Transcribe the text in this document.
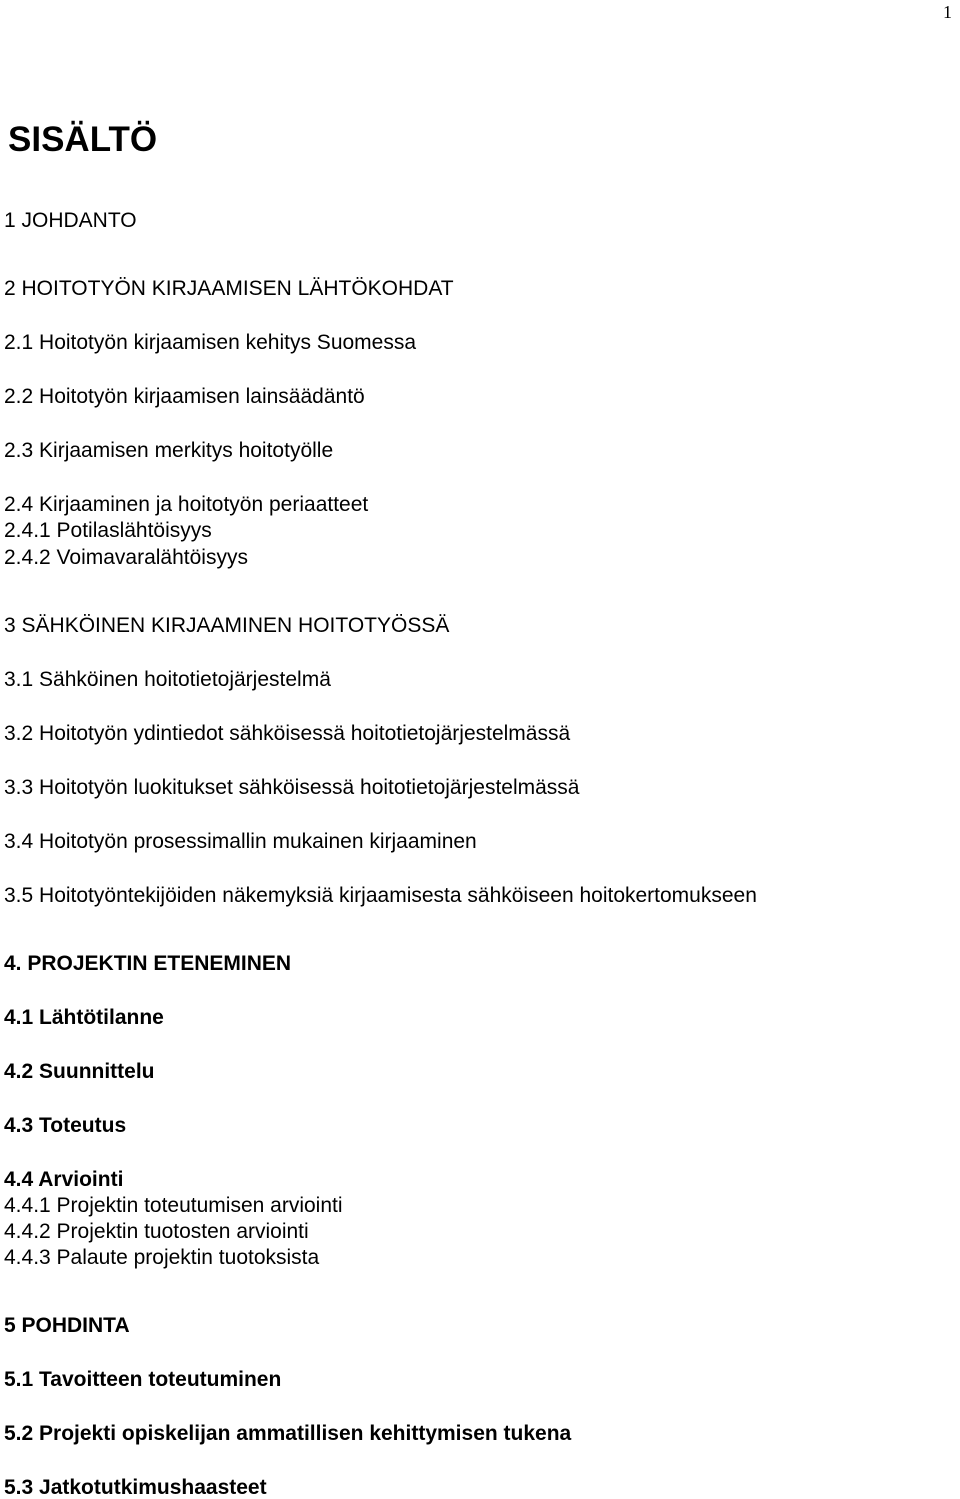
1
SISÄLTÖ
1 JOHDANTO
2 HOITOTYÖN KIRJAAMISEN LÄHTÖKOHDAT
2.1 Hoitotyön kirjaamisen kehitys Suomessa
2.2 Hoitotyön kirjaamisen lainsäädäntö
2.3 Kirjaamisen merkitys hoitotyölle
2.4 Kirjaaminen ja hoitotyön periaatteet
2.4.1 Potilaslähtöisyys
2.4.2 Voimavaralähtöisyys
3 SÄHKÖINEN KIRJAAMINEN HOITOTYÖSSÄ
3.1 Sähköinen hoitotietojärjestelmä
3.2 Hoitotyön ydintiedot sähköisessä hoitotietojärjestelmässä
3.3 Hoitotyön luokitukset sähköisessä hoitotietojärjestelmässä
3.4 Hoitotyön prosessimallin mukainen kirjaaminen
3.5 Hoitotyöntekijöiden näkemyksiä kirjaamisesta sähköiseen hoitokertomukseen
4. PROJEKTIN ETENEMINEN
4.1 Lähtötilanne
4.2 Suunnittelu
4.3 Toteutus
4.4 Arviointi
4.4.1 Projektin toteutumisen arviointi
4.4.2 Projektin tuotosten arviointi
4.4.3 Palaute projektin tuotoksista
5 POHDINTA
5.1 Tavoitteen toteutuminen
5.2 Projekti opiskelijan ammatillisen kehittymisen tukena
5.3 Jatkotutkimushaasteet
